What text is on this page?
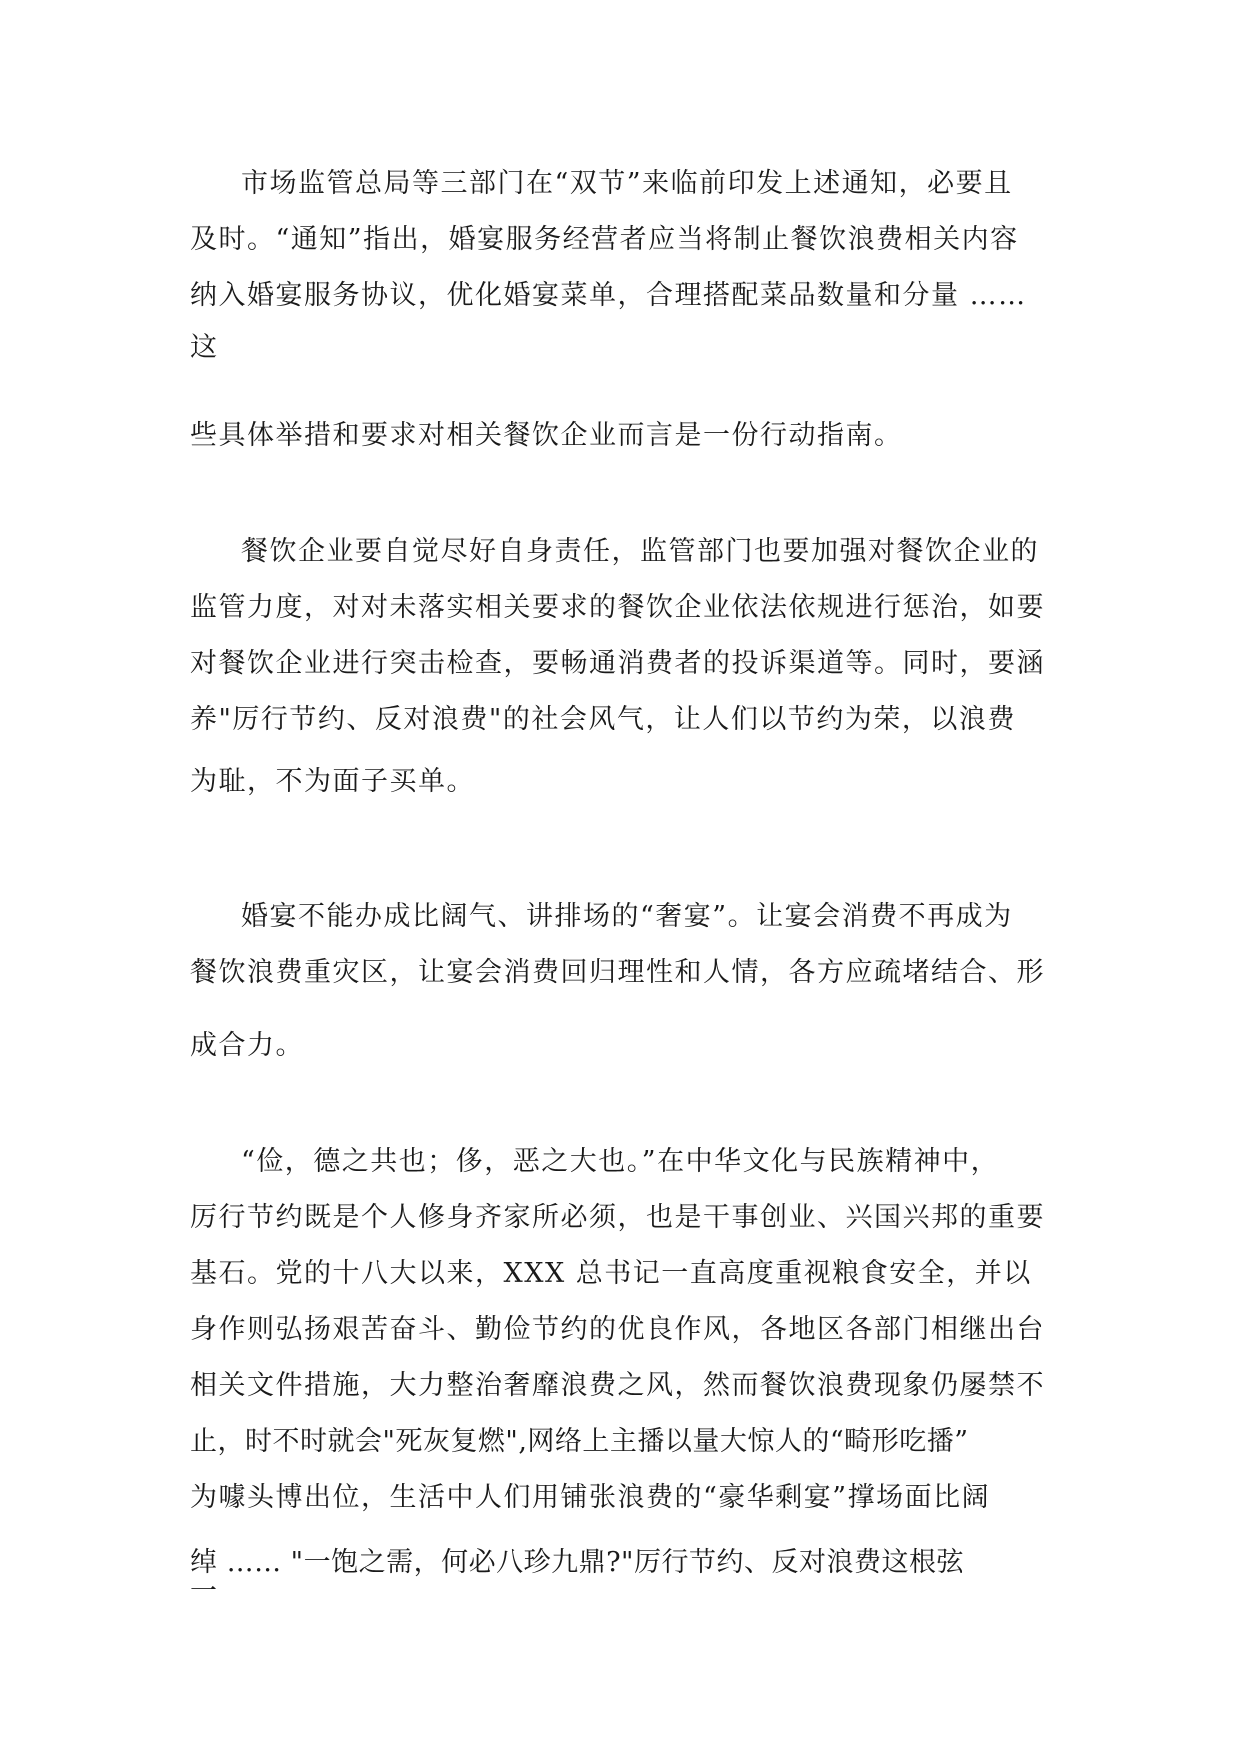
市场监管总局等三部门在“双节”来临前印发上述通知，必要且
及时。“通知”指出，婚宴服务经营者应当将制止餐饮浪费相关内容
纳入婚宴服务协议，优化婚宴菜单，合理搭配菜品数量和分量 ……
这
些具体举措和要求对相关餐饮企业而言是一份行动指南。
餐饮企业要自觉尽好自身责任，监管部门也要加强对餐饮企业的
监管力度，对对未落实相关要求的餐饮企业依法依规进行惩治，如要
对餐饮企业进行突击检查，要畅通消费者的投诉渠道等。同时，要涵
养"厉行节约、反对浪费"的社会风气，让人们以节约为荣，以浪费
为耻，不为面子买单。
婚宴不能办成比阔气、讲排场的“奢宴”。让宴会消费不再成为
餐饮浪费重灾区，让宴会消费回归理性和人情，各方应疏堵结合、形
成合力。
“俭，德之共也；侈，恶之大也。”在中华文化与民族精神中，
厉行节约既是个人修身齐家所必须，也是干事创业、兴国兴邦的重要
基石。党的十八大以来，XXX 总书记一直高度重视粮食安全，并以
身作则弘扬艰苦奋斗、勤俭节约的优良作风，各地区各部门相继出台
相关文件措施，大力整治奢靡浪费之风，然而餐饮浪费现象仍屡禁不
止，时不时就会"死灰复燃",网络上主播以量大惊人的“畸形吃播”
为噱头博出位，生活中人们用铺张浪费的“豪华剩宴”撑场面比阔
绰 …… "一饱之需，何必八珍九鼎?"厉行节约、反对浪费这根弦
一
